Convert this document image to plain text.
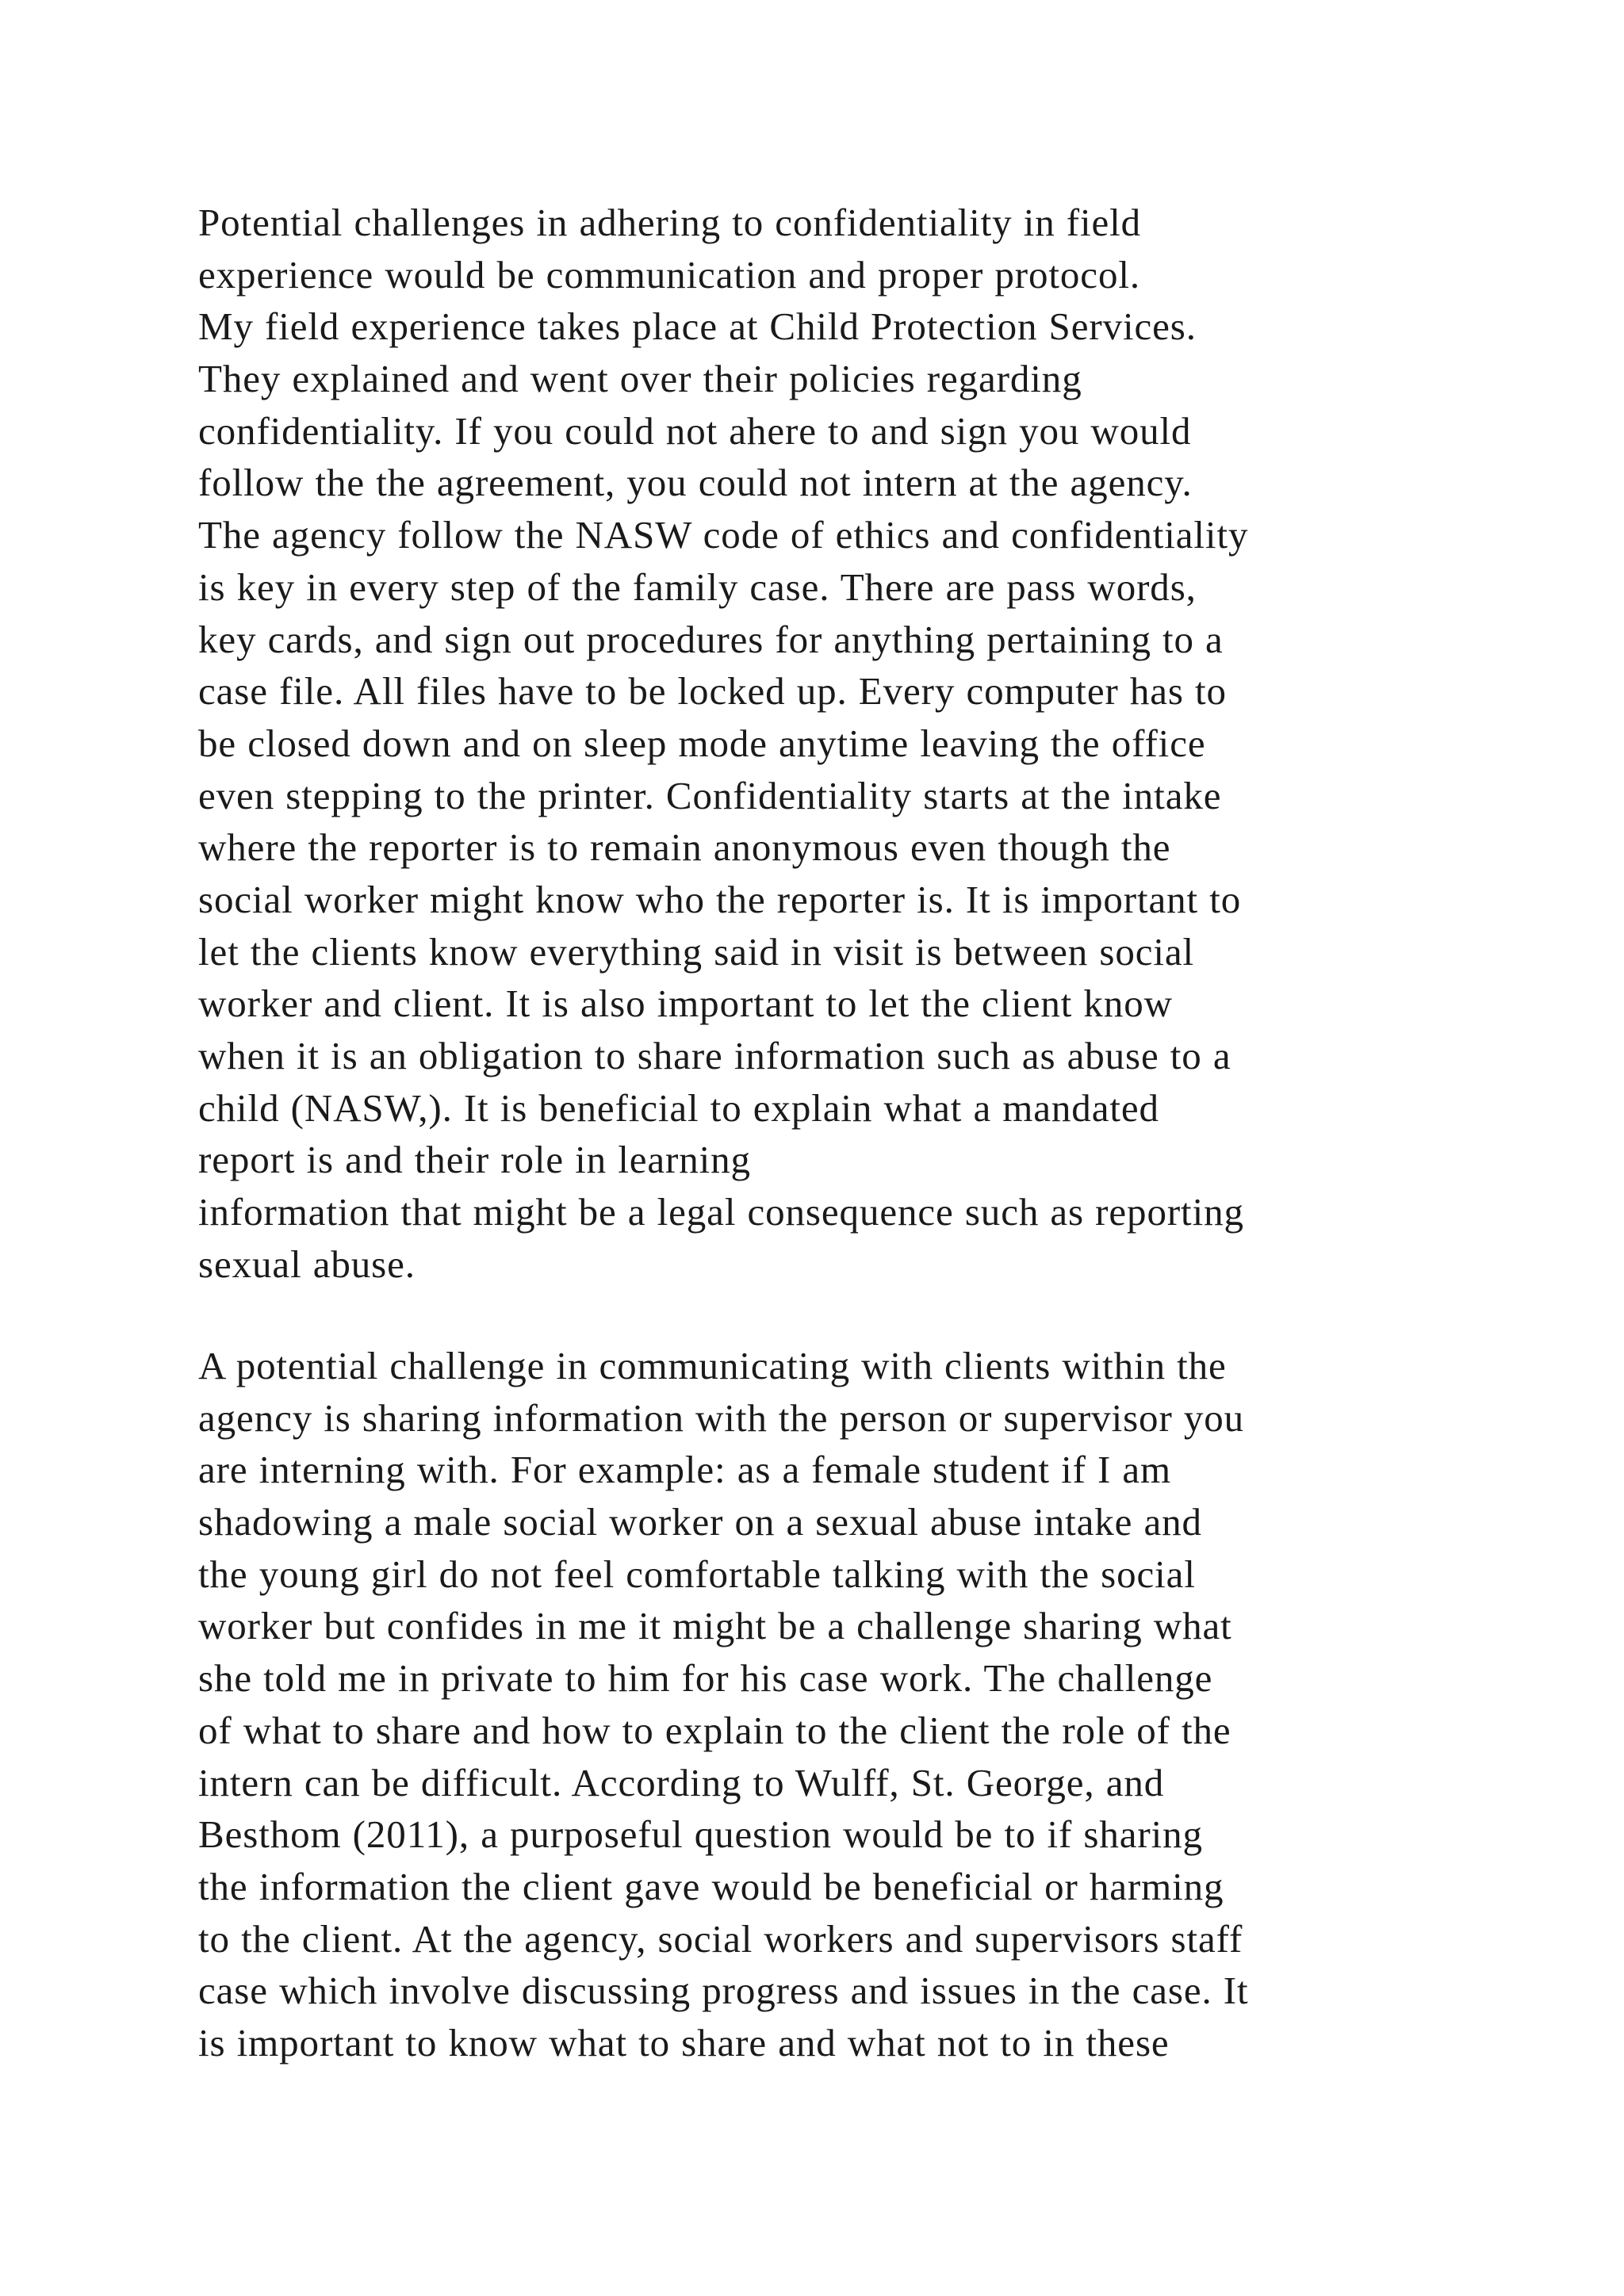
Potential challenges in adhering to confidentiality in field
experience would be communication and proper protocol.
My field experience takes place at Child Protection Services.
They explained and went over their policies regarding
confidentiality. If you could not ahere to and sign you would
follow the the agreement, you could not intern at the agency.
The agency follow the NASW code of ethics and confidentiality
is key in every step of the family case. There are pass words,
key cards, and sign out procedures for anything pertaining to a
case file. All files have to be locked up. Every computer has to
be closed down and on sleep mode anytime leaving the office
even stepping to the printer. Confidentiality starts at the intake
where the reporter is to remain anonymous even though the
social worker might know who the reporter is. It is important to
let the clients know everything said in visit is between social
worker and client. It is also important to let the client know
when it is an obligation to share information such as abuse to a
child (NASW,). It is beneficial to explain what a mandated
report is and their role in learning
information that might be a legal consequence such as reporting
sexual abuse.
A potential challenge in communicating with clients within the
agency is sharing information with the person or supervisor you
are interning with. For example: as a female student if I am
shadowing a male social worker on a sexual abuse intake and
the young girl do not feel comfortable talking with the social
worker but confides in me it might be a challenge sharing what
she told me in private to him for his case work. The challenge
of what to share and how to explain to the client the role of the
intern can be difficult. According to Wulff, St. George, and
Besthom (2011), a purposeful question would be to if sharing
the information the client gave would be beneficial or harming
to the client. At the agency, social workers and supervisors staff
case which involve discussing progress and issues in the case. It
is important to know what to share and what not to in these
